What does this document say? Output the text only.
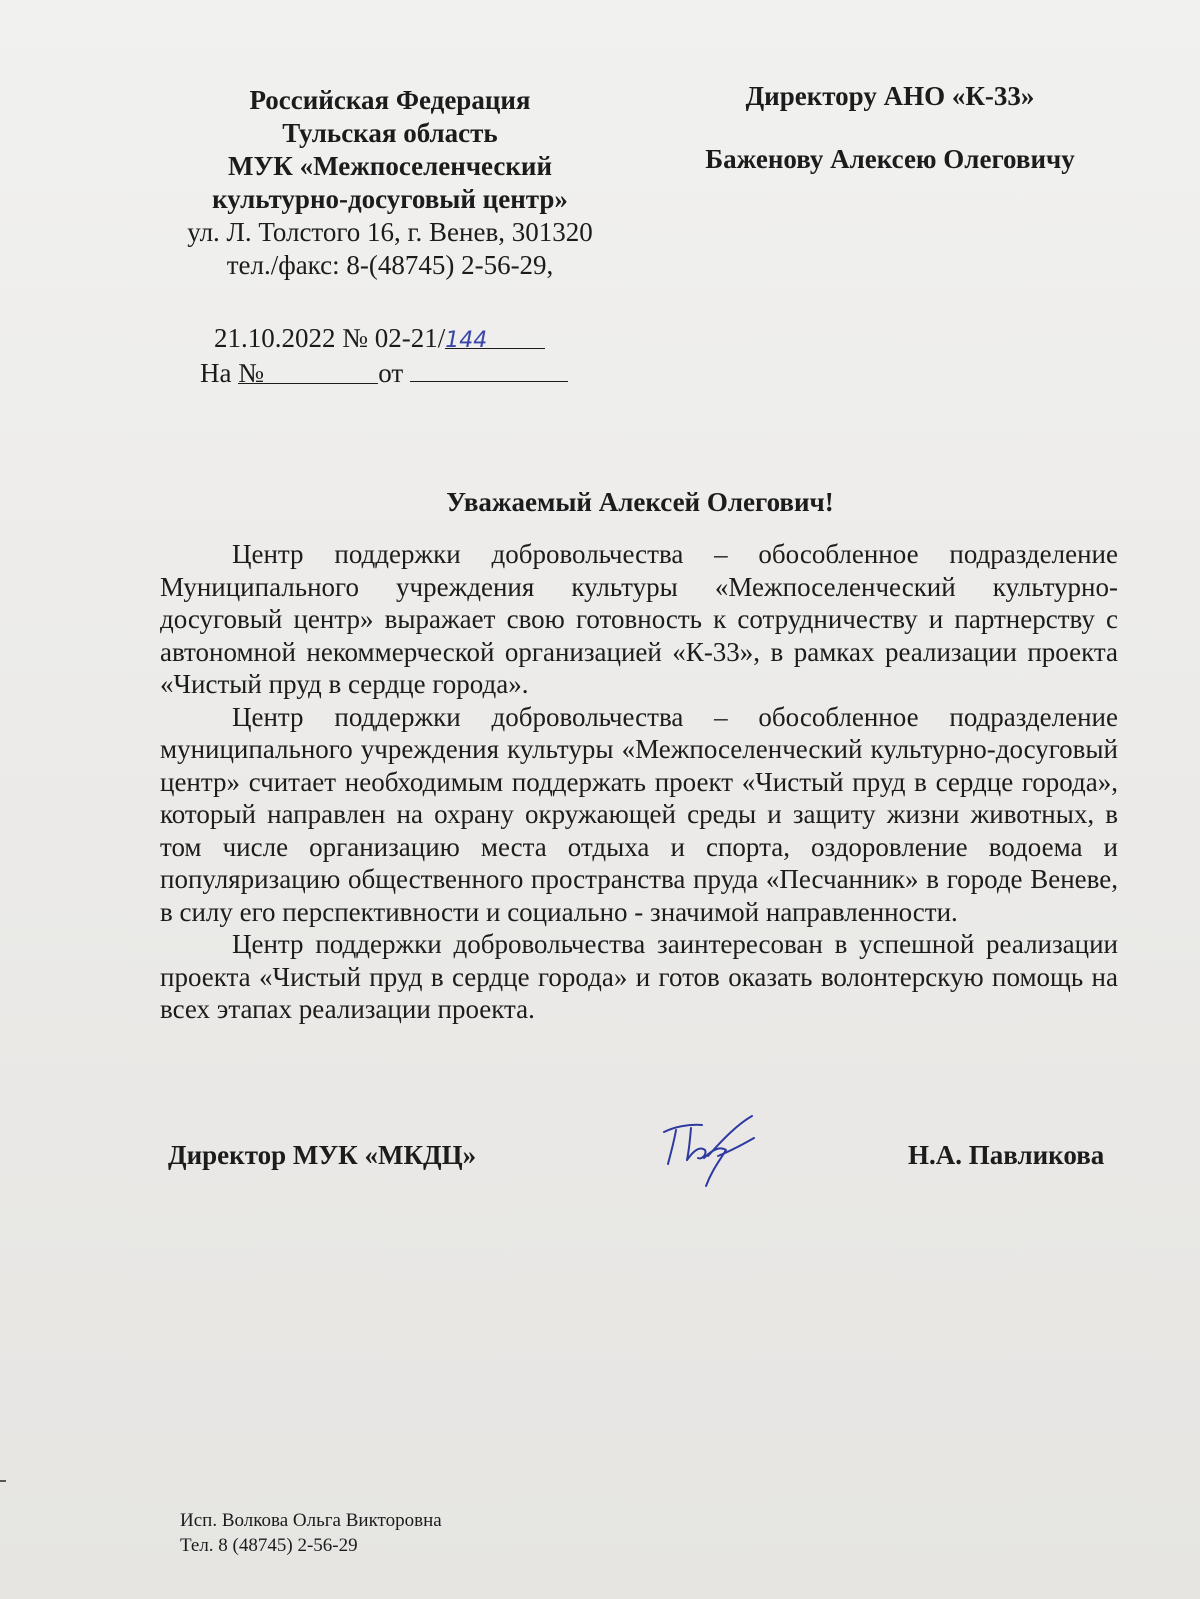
Российская Федерация
Тульская область
МУК «Межпоселенческий
культурно-досуговый центр»
ул. Л. Толстого 16, г. Венев, 301320
тел./факс: 8-(48745) 2-56-29,
21.10.2022 № 02-21/144
На №	от
Директору АНО «К-33»
Баженову Алексею Олеговичу
Уважаемый Алексей Олегович!

Центр поддержки добровольчества – обособленное подразделение Муниципального учреждения культуры «Межпоселенческий культурно-досуговый центр» выражает свою готовность к сотрудничеству и партнерству с автономной некоммерческой организацией «К-33», в рамках реализации проекта «Чистый пруд в сердце города».

Центр поддержки добровольчества – обособленное подразделение муниципального учреждения культуры «Межпоселенческий культурно-досуговый центр» считает необходимым поддержать проект «Чистый пруд в сердце города», который направлен на охрану окружающей среды и защиту жизни животных, в том числе организацию места отдыха и спорта, оздоровление водоема и популяризацию общественного пространства пруда «Песчанник» в городе Веневе, в силу его перспективности и социально - значимой направленности.

Центр поддержки добровольчества заинтересован в успешной реализации проекта «Чистый пруд в сердце города» и готов оказать волонтерскую помощь на всех этапах реализации проекта.

Директор МУК «МКДЦ»	Н.А. Павликова
Исп. Волкова Ольга Викторовна
Тел. 8 (48745) 2-56-29
